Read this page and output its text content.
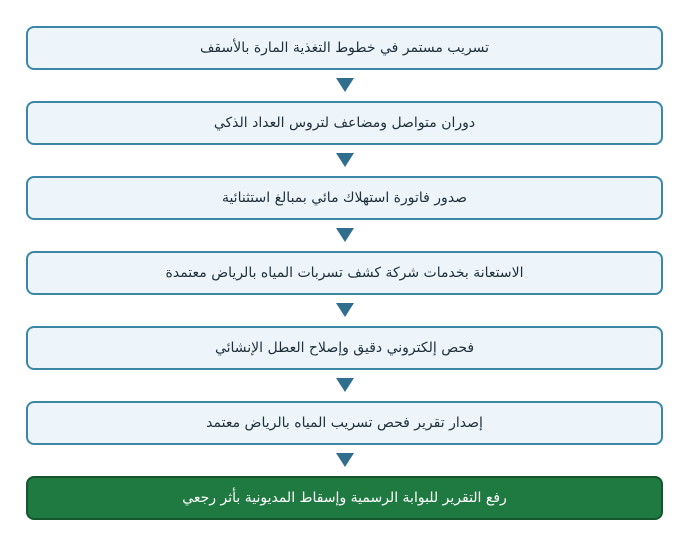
تسريب مستمر في خطوط التغذية المارة بالأسقف
دوران متواصل ومضاعف لتروس العداد الذكي
صدور فاتورة استهلاك مائي بمبالغ استثنائية
الاستعانة بخدمات شركة كشف تسربات المياه بالرياض معتمدة
فحص إلكتروني دقيق وإصلاح العطل الإنشائي
إصدار تقرير فحص تسريب المياه بالرياض معتمد
رفع التقرير للبوابة الرسمية وإسقاط المديونية بأثر رجعي
